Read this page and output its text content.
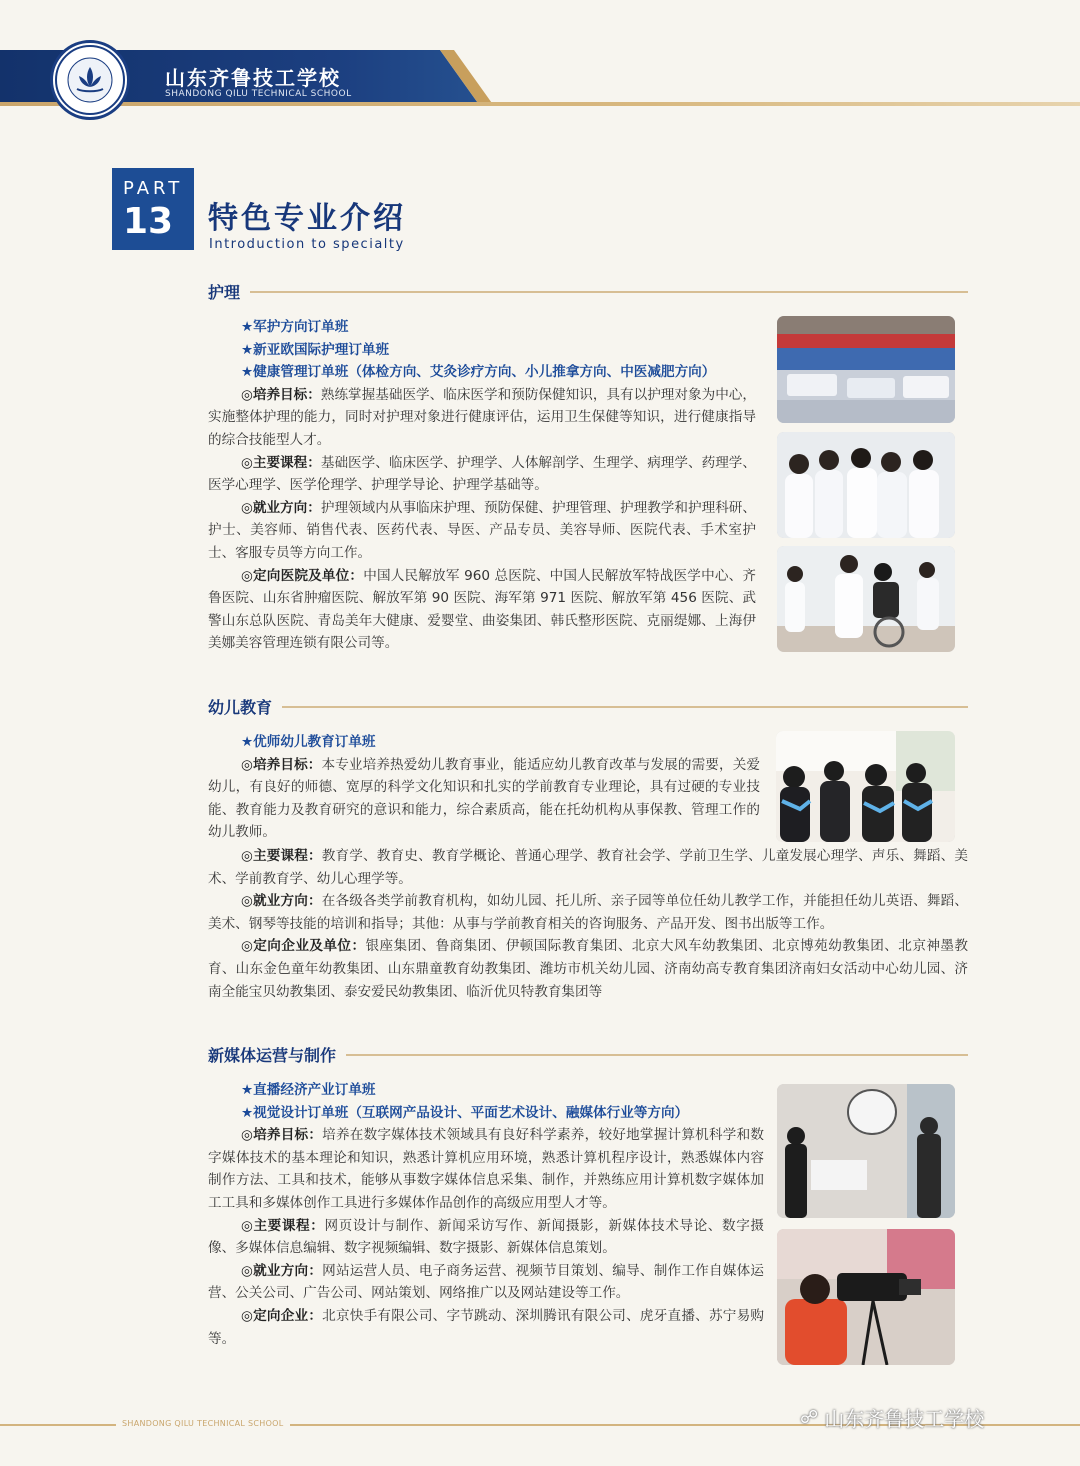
山东齐鲁技工学校
SHANDONG QILU TECHNICAL SCHOOL
PART
13	特色专业介绍
Introduction to specialty
护理
★军护方向订单班
★新亚欧国际护理订单班
★健康管理订单班（体检方向、艾灸诊疗方向、小儿推拿方向、中医减肥方向）

◎培养目标：熟练掌握基础医学、临床医学和预防保健知识，具有以护理对象为中心，实施整体护理的能力，同时对护理对象进行健康评估，运用卫生保健等知识，进行健康指导的综合技能型人才。

◎主要课程：基础医学、临床医学、护理学、人体解剖学、生理学、病理学、药理学、医学心理学、医学伦理学、护理学导论、护理学基础等。

◎就业方向：护理领域内从事临床护理、预防保健、护理管理、护理教学和护理科研、护士、美容师、销售代表、医药代表、导医、产品专员、美容导师、医院代表、手术室护士、客服专员等方向工作。

◎定向医院及单位：中国人民解放军 960 总医院、中国人民解放军特战医学中心、齐鲁医院、山东省肿瘤医院、解放军第 90 医院、海军第 971 医院、解放军第 456 医院、武警山东总队医院、青岛美年大健康、爱婴堂、曲姿集团、韩氏整形医院、克丽缇娜、上海伊美娜美容管理连锁有限公司等。

幼儿教育
★优师幼儿教育订单班

◎培养目标：本专业培养热爱幼儿教育事业，能适应幼儿教育改革与发展的需要，关爱幼儿，有良好的师德、宽厚的科学文化知识和扎实的学前教育专业理论，具有过硬的专业技能、教育能力及教育研究的意识和能力，综合素质高，能在托幼机构从事保教、管理工作的幼儿教师。

◎主要课程：教育学、教育史、教育学概论、普通心理学、教育社会学、学前卫生学、儿童发展心理学、声乐、舞蹈、美术、学前教育学、幼儿心理学等。

◎就业方向：在各级各类学前教育机构，如幼儿园、托儿所、亲子园等单位任幼儿教学工作，并能担任幼儿英语、舞蹈、美术、钢琴等技能的培训和指导；其他：从事与学前教育相关的咨询服务、产品开发、图书出版等工作。

◎定向企业及单位：银座集团、鲁商集团、伊顿国际教育集团、北京大风车幼教集团、北京博苑幼教集团、北京神墨教育、山东金色童年幼教集团、山东鼎童教育幼教集团、潍坊市机关幼儿园、济南幼高专教育集团济南妇女活动中心幼儿园、济南全能宝贝幼教集团、泰安爱民幼教集团、临沂优贝特教育集团等

新媒体运营与制作
★直播经济产业订单班
★视觉设计订单班（互联网产品设计、平面艺术设计、融媒体行业等方向）

◎培养目标：培养在数字媒体技术领域具有良好科学素养，较好地掌握计算机科学和数字媒体技术的基本理论和知识，熟悉计算机应用环境，熟悉计算机程序设计，熟悉媒体内容制作方法、工具和技术，能够从事数字媒体信息采集、制作，并熟练应用计算机数字媒体加工工具和多媒体创作工具进行多媒体作品创作的高级应用型人才等。

◎主要课程：网页设计与制作、新闻采访写作、新闻摄影，新媒体技术导论、数字摄像、多媒体信息编辑、数字视频编辑、数字摄影、新媒体信息策划。

◎就业方向：网站运营人员、电子商务运营、视频节目策划、编导、制作工作自媒体运营、公关公司、广告公司、网站策划、网络推广以及网站建设等工作。

◎定向企业：北京快手有限公司、字节跳动、深圳腾讯有限公司、虎牙直播、苏宁易购等。

SHANDONG QILU TECHNICAL SCHOOL	☍ 山东齐鲁技工学校
